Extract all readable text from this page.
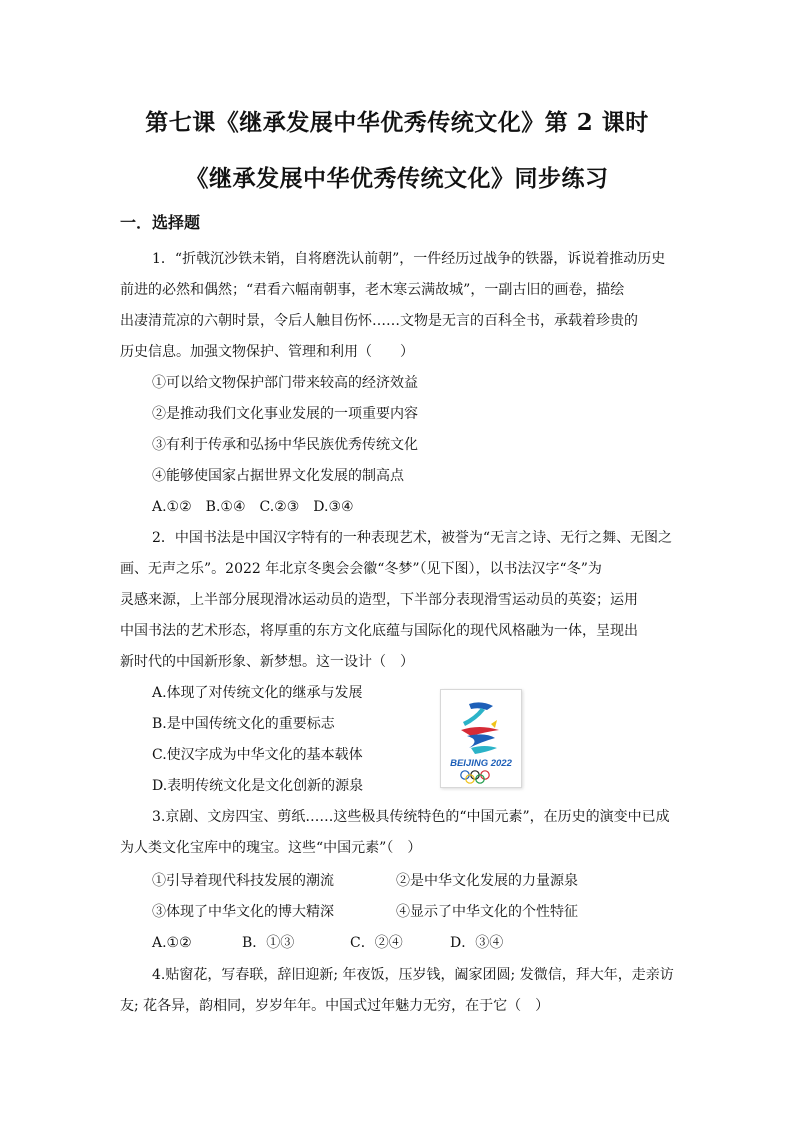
第七课《继承发展中华优秀传统文化》第 2 课时
《继承发展中华优秀传统文化》同步练习
一．选择题
1．“折戟沉沙铁未销，自将磨洗认前朝”，一件经历过战争的铁器，诉说着推动历史
前进的必然和偶然；“君看六幅南朝事，老木寒云满故城”，一副古旧的画卷，描绘
出凄清荒凉的六朝时景，令后人触目伤怀……文物是无言的百科全书，承载着珍贵的
历史信息。加强文物保护、管理和利用（　　）
①可以给文物保护部门带来较高的经济效益
②是推动我们文化事业发展的一项重要内容
③有利于传承和弘扬中华民族优秀传统文化
④能够使国家占据世界文化发展的制高点
A.①②　B.①④　C.②③　D.③④
2．中国书法是中国汉字特有的一种表现艺术，被誉为“无言之诗、无行之舞、无图之
画、无声之乐”。2022 年北京冬奥会会徽“冬梦”（见下图），以书法汉字“冬”为
灵感来源，上半部分展现滑冰运动员的造型，下半部分表现滑雪运动员的英姿；运用
中国书法的艺术形态，将厚重的东方文化底蕴与国际化的现代风格融为一体，呈现出
新时代的中国新形象、新梦想。这一设计（　）
A.体现了对传统文化的继承与发展
B.是中国传统文化的重要标志
C.使汉字成为中华文化的基本载体
D.表明传统文化是文化创新的源泉
BEIJING 2022
3.京剧、文房四宝、剪纸……这些极具传统特色的“中国元素”，在历史的演变中已成
为人类文化宝库中的瑰宝。这些“中国元素”（　）
①引导着现代科技发展的潮流	②是中华文化发展的力量源泉
③体现了中华文化的博大精深	④显示了中华文化的个性特征
A.①②	B．①③	C．②④	D．③④
4.贴窗花，写春联，辞旧迎新; 年夜饭，压岁钱，阖家团圆; 发微信，拜大年，走亲访
友; 花各异，韵相同，岁岁年年。中国式过年魅力无穷，在于它（　）
